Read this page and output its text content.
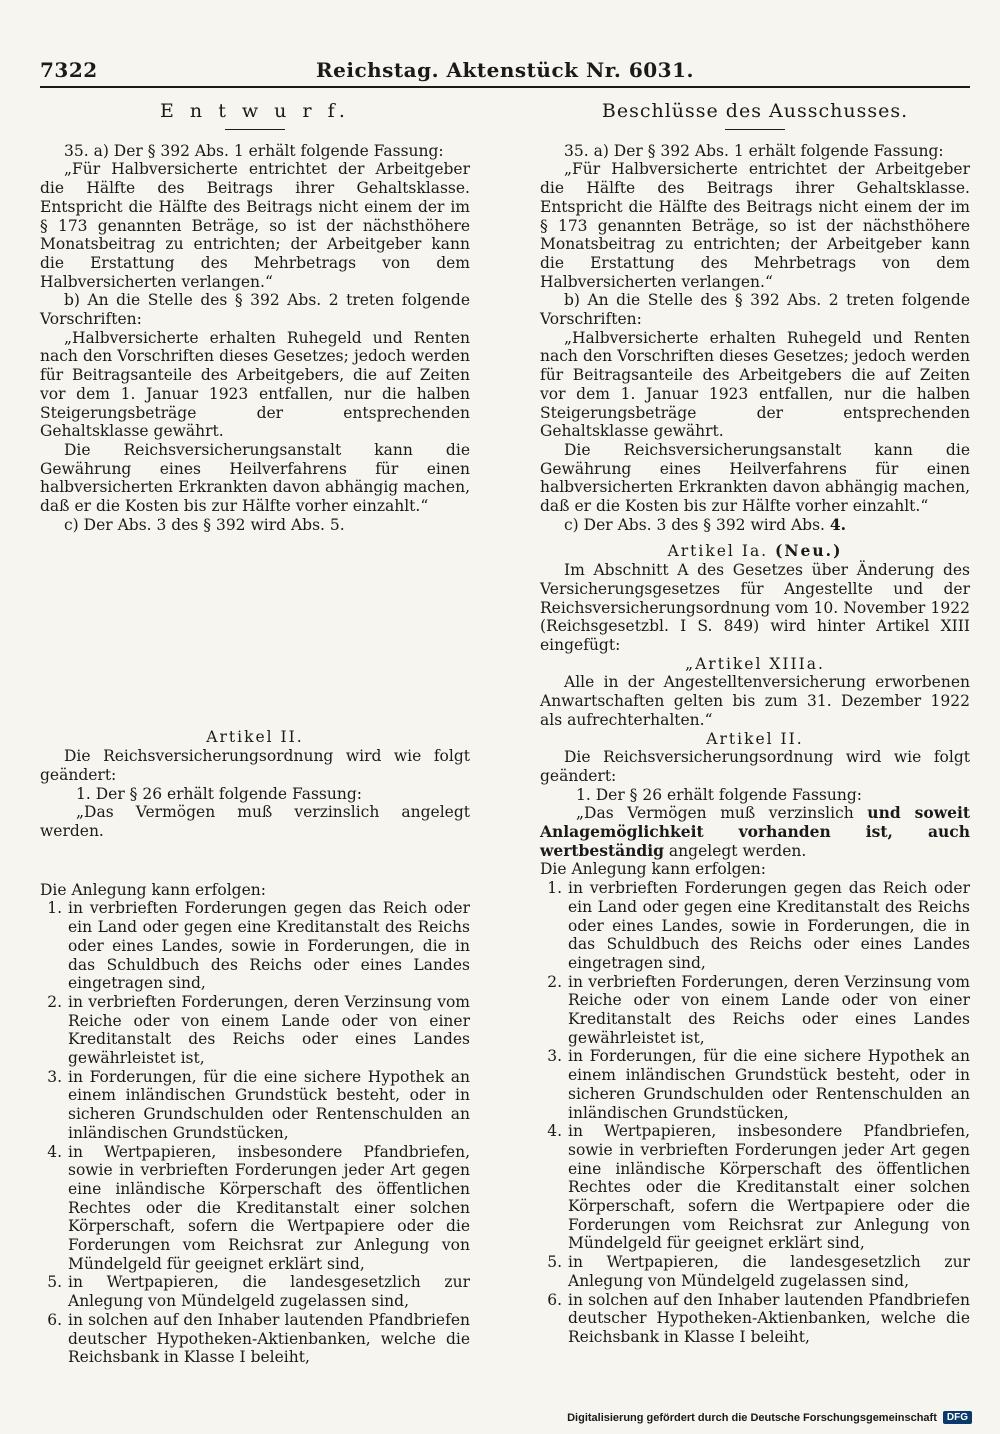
7322	Reichstag. Aktenstück Nr. 6031.
E n t w u r f.

35. a) Der § 392 Abs. 1 erhält folgende Fassung:

„Für Halbversicherte entrichtet der Arbeitgeber die Hälfte des Beitrags ihrer Gehaltsklasse. Entspricht die Hälfte des Beitrags nicht einem der im § 173 genannten Beträge, so ist der nächsthöhere Monatsbeitrag zu entrichten; der Arbeitgeber kann die Erstattung des Mehrbetrags von dem Halbversicherten verlangen.“

b) An die Stelle des § 392 Abs. 2 treten folgende Vorschriften:

„Halbversicherte erhalten Ruhegeld und Renten nach den Vorschriften dieses Gesetzes; jedoch werden für Beitragsanteile des Arbeitgebers, die auf Zeiten vor dem 1. Januar 1923 entfallen, nur die halben Steigerungsbeträge der entsprechenden Gehaltsklasse gewährt.

Die Reichsversicherungsanstalt kann die Gewährung eines Heilverfahrens für einen halbversicherten Erkrankten davon abhängig machen, daß er die Kosten bis zur Hälfte vorher einzahlt.“

c) Der Abs. 3 des § 392 wird Abs. 5.

Artikel II.

Die Reichsversicherungsordnung wird wie folgt geändert:

1. Der § 26 erhält folgende Fassung:

„Das Vermögen muß verzinslich angelegt werden.

Die Anlegung kann erfolgen:

1. in verbrieften Forderungen gegen das Reich oder ein Land oder gegen eine Kreditanstalt des Reichs oder eines Landes, sowie in Forderungen, die in das Schuldbuch des Reichs oder eines Landes eingetragen sind,
2. in verbrieften Forderungen, deren Verzinsung vom Reiche oder von einem Lande oder von einer Kreditanstalt des Reichs oder eines Landes gewährleistet ist,
3. in Forderungen, für die eine sichere Hypothek an einem inländischen Grundstück besteht, oder in sicheren Grundschulden oder Rentenschulden an inländischen Grundstücken,
4. in Wertpapieren, insbesondere Pfandbriefen, sowie in verbrieften Forderungen jeder Art gegen eine inländische Körperschaft des öffentlichen Rechtes oder die Kreditanstalt einer solchen Körperschaft, sofern die Wertpapiere oder die Forderungen vom Reichsrat zur Anlegung von Mündelgeld für geeignet erklärt sind,
5. in Wertpapieren, die landesgesetzlich zur Anlegung von Mündelgeld zugelassen sind,
6. in solchen auf den Inhaber lautenden Pfandbriefen deutscher Hypotheken-Aktienbanken, welche die Reichsbank in Klasse I beleiht,
Beschlüsse des Ausschusses.

35. a) Der § 392 Abs. 1 erhält folgende Fassung:

„Für Halbversicherte entrichtet der Arbeitgeber die Hälfte des Beitrags ihrer Gehaltsklasse. Entspricht die Hälfte des Beitrags nicht einem der im § 173 genannten Beträge, so ist der nächsthöhere Monatsbeitrag zu entrichten; der Arbeitgeber kann die Erstattung des Mehrbetrags von dem Halbversicherten verlangen.“

b) An die Stelle des § 392 Abs. 2 treten folgende Vorschriften:

„Halbversicherte erhalten Ruhegeld und Renten nach den Vorschriften dieses Gesetzes; jedoch werden für Beitragsanteile des Arbeitgebers die auf Zeiten vor dem 1. Januar 1923 entfallen, nur die halben Steigerungsbeträge der entsprechenden Gehaltsklasse gewährt.

Die Reichsversicherungsanstalt kann die Gewährung eines Heilverfahrens für einen halbversicherten Erkrankten davon abhängig machen, daß er die Kosten bis zur Hälfte vorher einzahlt.“

c) Der Abs. 3 des § 392 wird Abs. 4.

Artikel Ia. (Neu.)

Im Abschnitt A des Gesetzes über Änderung des Versicherungsgesetzes für Angestellte und der Reichsversicherungsordnung vom 10. November 1922 (Reichsgesetzbl. I S. 849) wird hinter Artikel XIII eingefügt:

„Artikel XIIIa.

Alle in der Angestelltenversicherung erworbenen Anwartschaften gelten bis zum 31. Dezember 1922 als aufrechterhalten.“

Artikel II.

Die Reichsversicherungsordnung wird wie folgt geändert:

1. Der § 26 erhält folgende Fassung:

„Das Vermögen muß verzinslich und soweit Anlagemöglichkeit vorhanden ist, auch wertbeständig angelegt werden.

Die Anlegung kann erfolgen:

1. in verbrieften Forderungen gegen das Reich oder ein Land oder gegen eine Kreditanstalt des Reichs oder eines Landes, sowie in Forderungen, die in das Schuldbuch des Reichs oder eines Landes eingetragen sind,
2. in verbrieften Forderungen, deren Verzinsung vom Reiche oder von einem Lande oder von einer Kreditanstalt des Reichs oder eines Landes gewährleistet ist,
3. in Forderungen, für die eine sichere Hypothek an einem inländischen Grundstück besteht, oder in sicheren Grundschulden oder Rentenschulden an inländischen Grundstücken,
4. in Wertpapieren, insbesondere Pfandbriefen, sowie in verbrieften Forderungen jeder Art gegen eine inländische Körperschaft des öffentlichen Rechtes oder die Kreditanstalt einer solchen Körperschaft, sofern die Wertpapiere oder die Forderungen vom Reichsrat zur Anlegung von Mündelgeld für geeignet erklärt sind,
5. in Wertpapieren, die landesgesetzlich zur Anlegung von Mündelgeld zugelassen sind,
6. in solchen auf den Inhaber lautenden Pfandbriefen deutscher Hypotheken-Aktienbanken, welche die Reichsbank in Klasse I beleiht,
Digitalisierung gefördert durch die Deutsche Forschungsgemeinschaft	DFG
